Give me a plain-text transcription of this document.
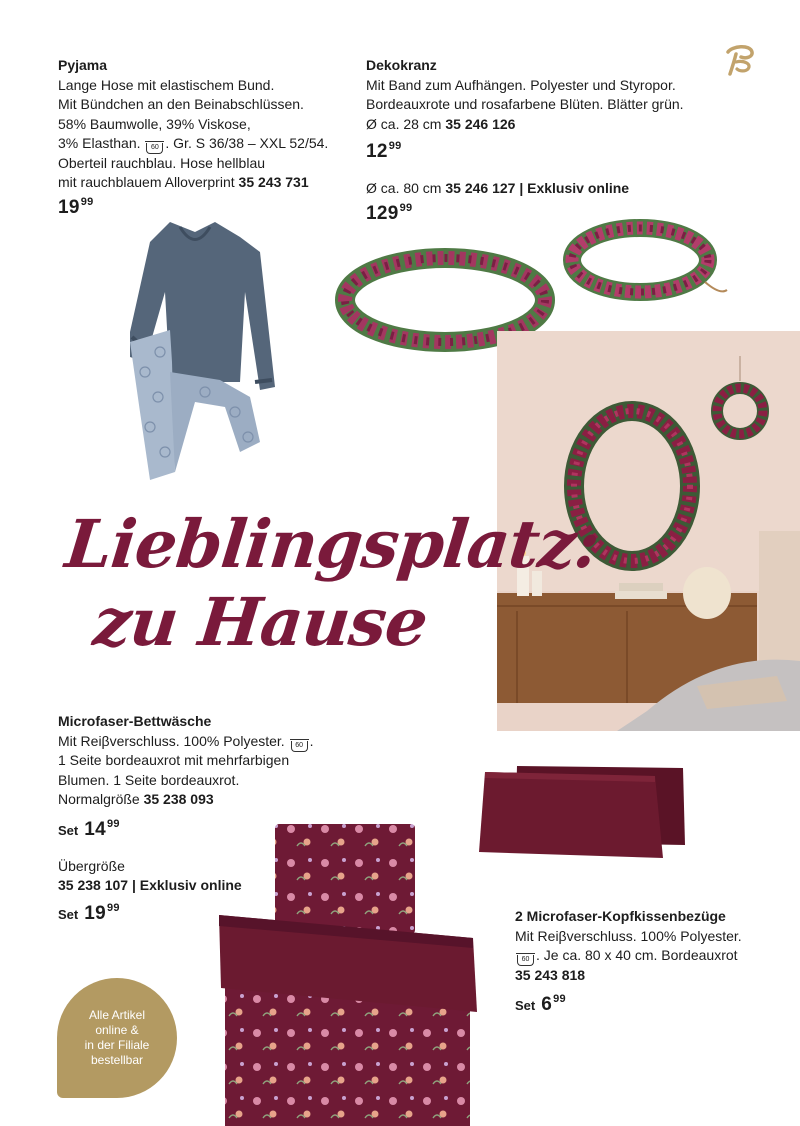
Pyjama

Lange Hose mit elastischem Bund.

Mit Bündchen an den Beinabschlüssen.

58% Baumwolle, 39% Viskose,

3% Elasthan. 60 . Gr. S 36/38 – XXL 52/54.

Oberteil rauchblau. Hose hellblau

mit rauchblauem Alloverprint 35 243 731

$19^{99}$

Dekokranz

Mit Band zum Aufhängen. Polyester und Styropor.

Bordeauxrote und rosafarbene Blüten. Blätter grün.

Ø ca. 28 cm 35 246 126

$12^{99}$

Ø ca. 80 cm 35 246 127 | Exklusiv online

$129^{99}$
Lieblingsplatz:
zu Hause

Microfaser-Bettwäsche

Mit Reiβverschluss. 100% Polyester. 60 .

1 Seite bordeauxrot mit mehrfarbigen

Blumen. 1 Seite bordeauxrot.

Normalgröße 35 238 093

Set $14^{99}$

Übergröße

35 238 107 | Exklusiv online

Set $19^{99}$

2 Microfaser-Kopfkissenbezüge

Mit Reiβverschluss. 100% Polyester.

60 . Je ca. 80 x 40 cm. Bordeauxrot

35 243 818

Set $6^{99}$
Alle Artikel
online &
in der Filiale
bestellbar
